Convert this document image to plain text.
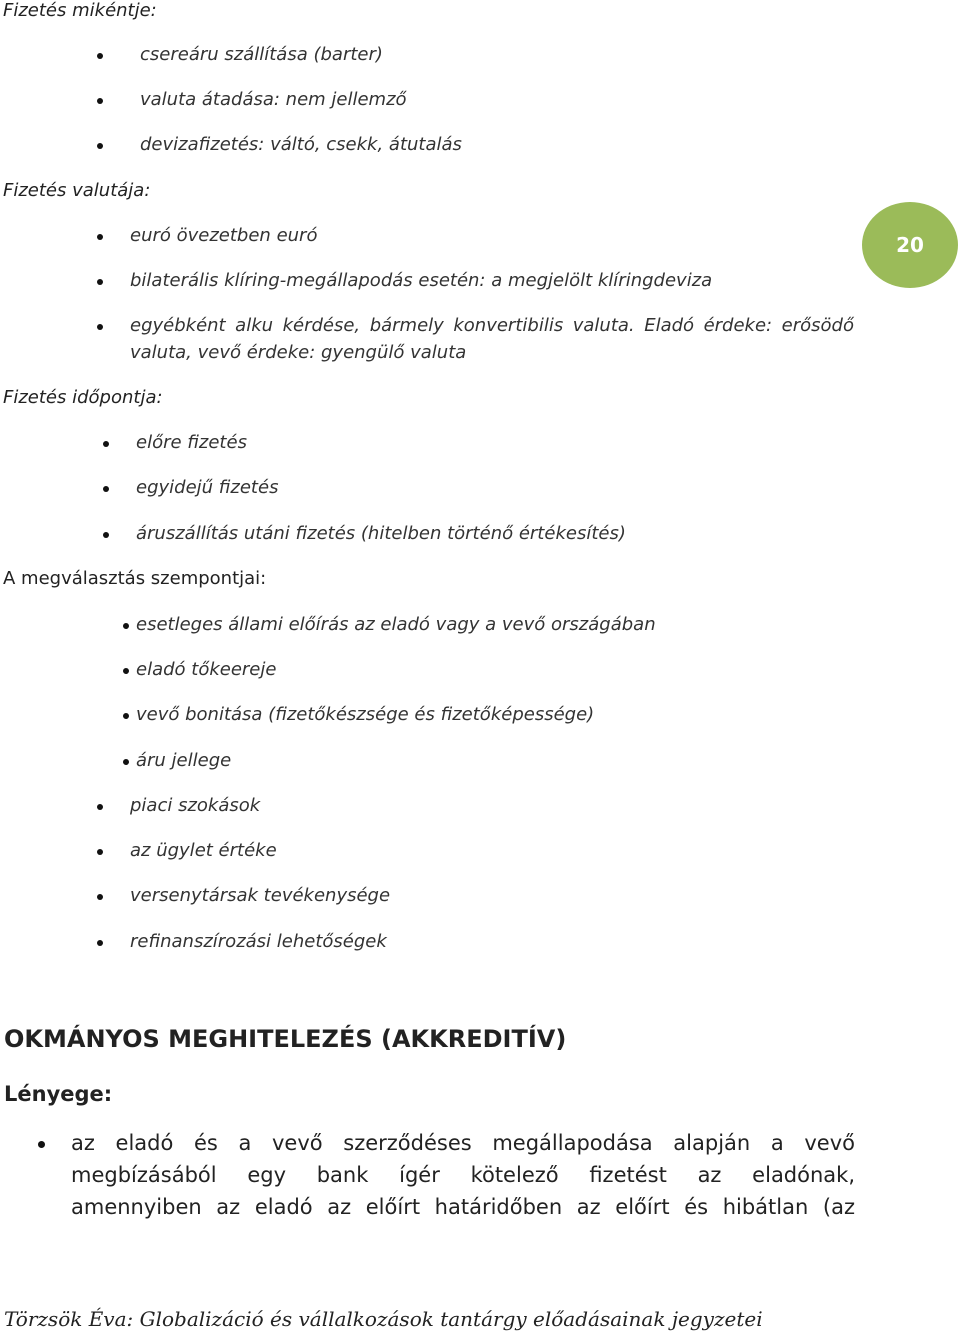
20
Fizetés mikéntje:
csereáru szállítása (barter)
valuta átadása: nem jellemző
devizafizetés: váltó, csekk, átutalás
Fizetés valutája:
euró övezetben euró
bilaterális klíring-megállapodás esetén: a megjelölt klíringdeviza
egyébként alku kérdése, bármely konvertibilis valuta. Eladó érdeke: erősödő
valuta, vevő érdeke: gyengülő valuta
Fizetés időpontja:
előre fizetés
egyidejű fizetés
áruszállítás utáni fizetés (hitelben történő értékesítés)
A megválasztás szempontjai:
esetleges állami előírás az eladó vagy a vevő országában
eladó tőkeereje
vevő bonitása (fizetőkészsége és fizetőképessége)
áru jellege
piaci szokások
az ügylet értéke
versenytársak tevékenysége
refinanszírozási lehetőségek
OKMÁNYOS MEGHITELEZÉS (AKKREDITÍV)
Lényege:
az eladó és a vevő szerződéses megállapodása alapján a vevő
megbízásából egy bank ígér kötelező fizetést az eladónak,
amennyiben az eladó az előírt határidőben az előírt és hibátlan (az
Törzsök Éva: Globalizáció és vállalkozások tantárgy előadásainak jegyzetei
